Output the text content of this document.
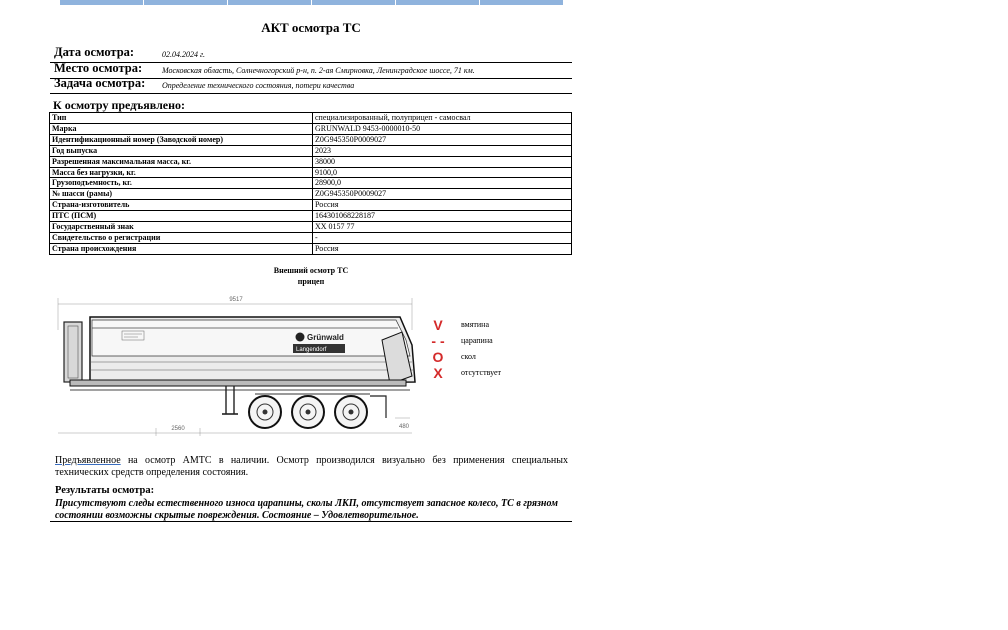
АКТ осмотра ТС
Дата осмотра:	02.04.2024 г.
Место осмотра: Московская область, Солнечногорский р-н, п. 2-ая Смирновка, Ленинградское шоссе, 71 км.
Задача осмотра: Определение технического состояния, потери качества
К осмотру предъявлено:
Тип	специализированный, полуприцеп - самосвал
Марка	GRUNWALD 9453-0000010-50
Идентификационный номер (Заводской номер)	Z0G945350P0009027
Год выпуска	2023
Разрешенная максимальная масса, кг.	38000
Масса без нагрузки, кг.	9100,0
Грузоподъемность, кг.	28900,0
№ шасси (рамы)	Z0G945350P0009027
Страна-изготовитель	Россия
ПТС (ПСМ)	164301068228187
Государственный знак	ХХ 0157 77
Свидетельство о регистрации	-
Страна происхождения	Россия
Внешний осмотр ТС
прицеп
9517
Grünwald
Langendorf
2560	480
V	вмятина
- - царапина
O	скол
X	отсутствует
Предъявленное на осмотр АМТС в наличии. Осмотр производился визуально без применения специальных технических средств определения состояния.
Результаты осмотра:
Присутствуют следы естественного износа царапины, сколы ЛКП, отсутствует запасное колесо, ТС в грязном состоянии возможны скрытые повреждения. Состояние – Удовлетворительное.
